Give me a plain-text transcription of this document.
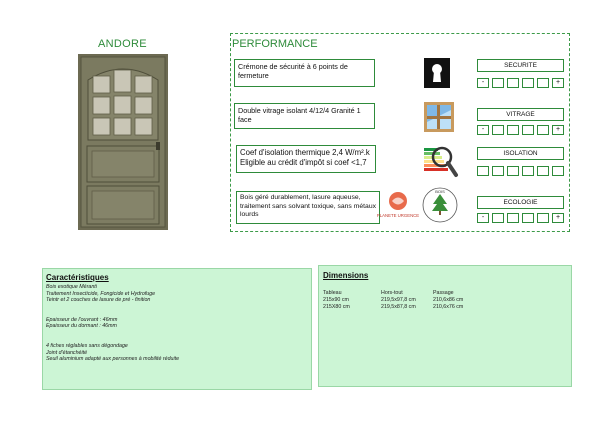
ANDORE	PERFORMANCE
Crémone de sécurité à 6 points de fermeture
Double vitrage isolant 4/12/4 Granité 1 face
Coef d'isolation thermique 2,4 W/m².k Eligible au crédit d'impôt si coef <1,7
Bois géré durablement, lasure aqueuse, traitement sans solvant toxique, sans métaux lourds	PLANETE URGENCE
BOIS
SECURITE
VITRAGE
ISOLATION
ECOLOGIE
-	+
-	+
-	+
Caractéristiques
Bois exotique Méranti
Traitement Insecticide, Fongicide et Hydrofuge
Teintr et 2 couches de lasure de pré - finition
Epaisseur de l'ouvrant : 46mm
Epaisseur du dormant : 46mm
4 fiches réglables sans dégondage
Joint d'étanchéité
Seuil aluminium adapté aux personnes à mobilité réduite
Dimensions
Tableau	Hors-tout	Passage
215x90 cm	219,5x97,8 cm	210,6x86 cm
215X80 cm	219,5x87,8 cm	210,6x76 cm
